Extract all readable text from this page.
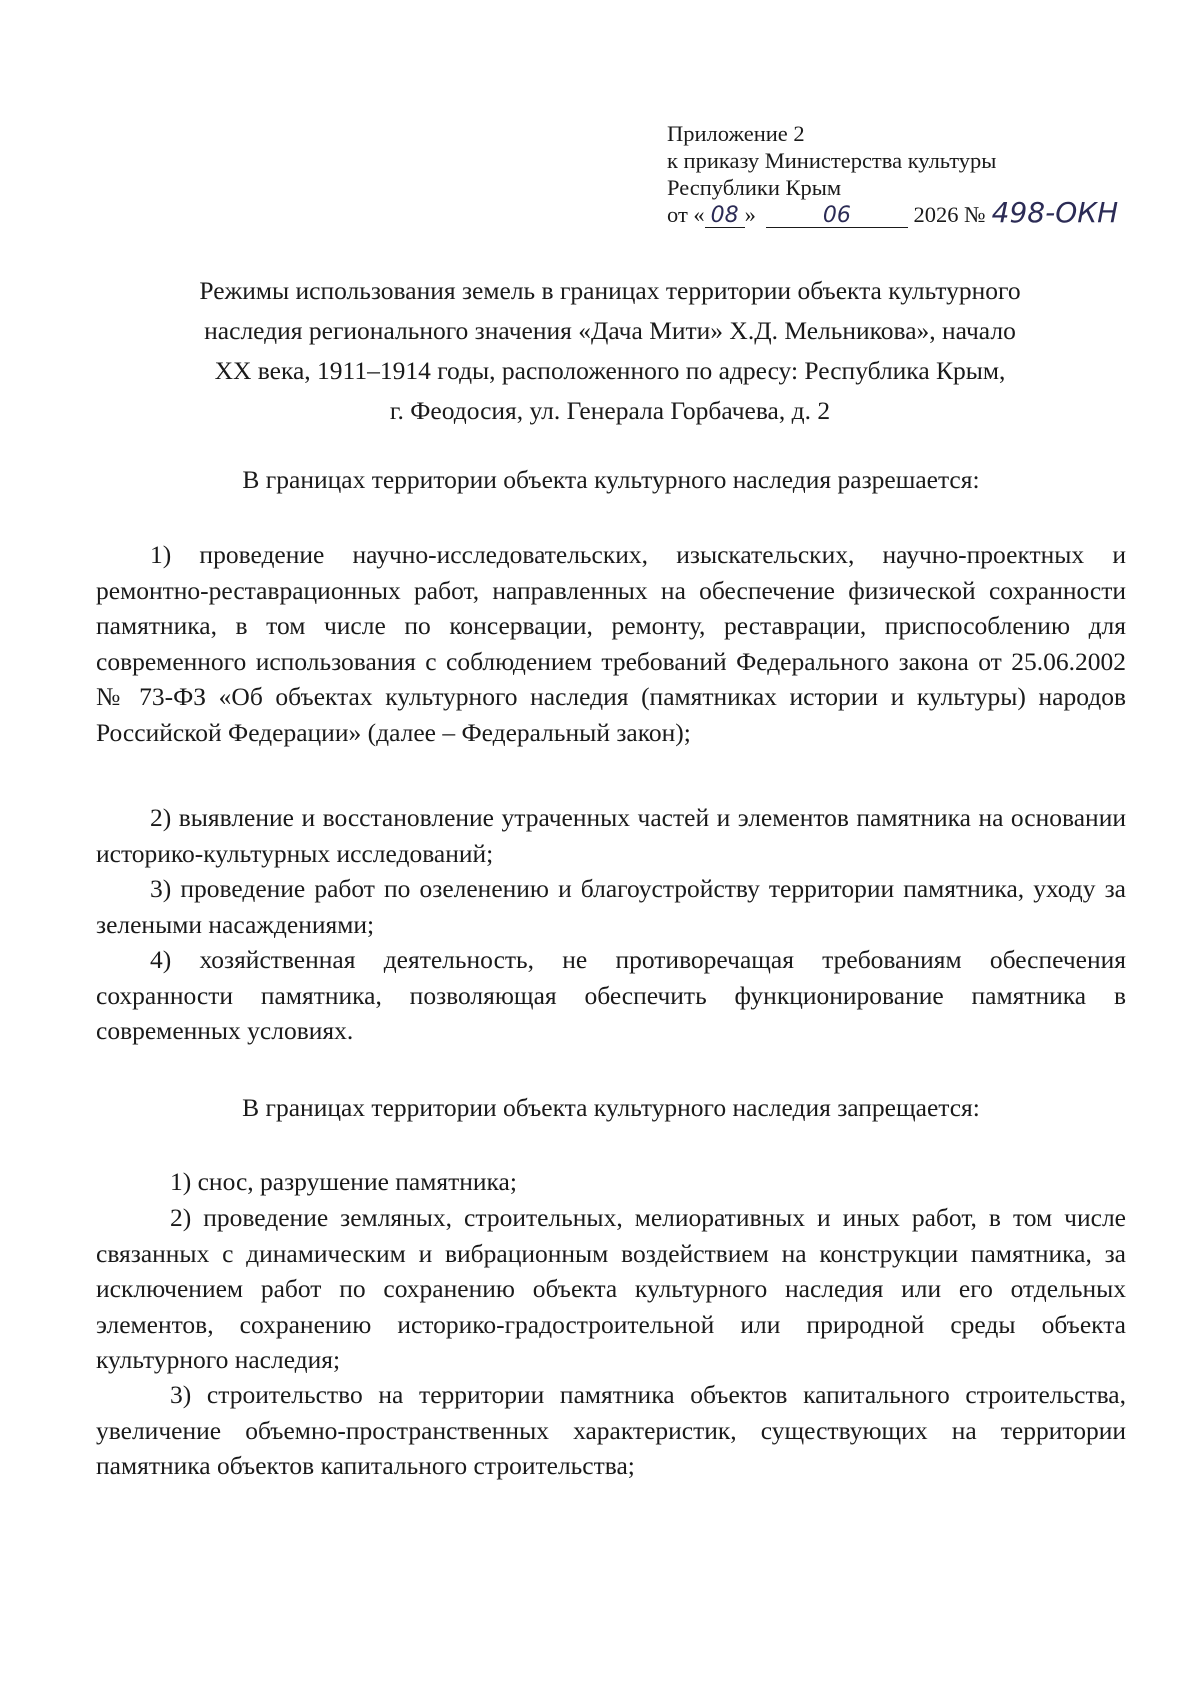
Приложение 2
к приказу Министерства культуры
Республики Крым
от « 08 »	06	2026 № 498-ОКН
Режимы использования земель в границах территории объекта культурного
наследия регионального значения «Дача Мити» Х.Д. Мельникова», начало
XX века, 1911–1914 годы, расположенного по адресу: Республика Крым,
г. Феодосия, ул. Генерала Горбачева, д. 2
В границах территории объекта культурного наследия разрешается:

1) проведение научно-исследовательских, изыскательских, научно-проектных и ремонтно-реставрационных работ, направленных на обеспечение физической сохранности памятника, в том числе по консервации, ремонту, реставрации, приспособлению для современного использования с соблюдением требований Федерального закона от 25.06.2002 № 73-ФЗ «Об объектах культурного наследия (памятниках истории и культуры) народов Российской Федерации» (далее – Федеральный закон);

2) выявление и восстановление утраченных частей и элементов памятника на основании историко-культурных исследований;

3) проведение работ по озеленению и благоустройству территории памятника, уходу за зелеными насаждениями;

4) хозяйственная деятельность, не противоречащая требованиям обеспечения сохранности памятника, позволяющая обеспечить функционирование памятника в современных условиях.

В границах территории объекта культурного наследия запрещается:

1) снос, разрушение памятника;

2) проведение земляных, строительных, мелиоративных и иных работ, в том числе связанных с динамическим и вибрационным воздействием на конструкции памятника, за исключением работ по сохранению объекта культурного наследия или его отдельных элементов, сохранению историко-градостроительной или природной среды объекта культурного наследия;

3) строительство на территории памятника объектов капитального строительства, увеличение объемно-пространственных характеристик, существующих на территории памятника объектов капитального строительства;
